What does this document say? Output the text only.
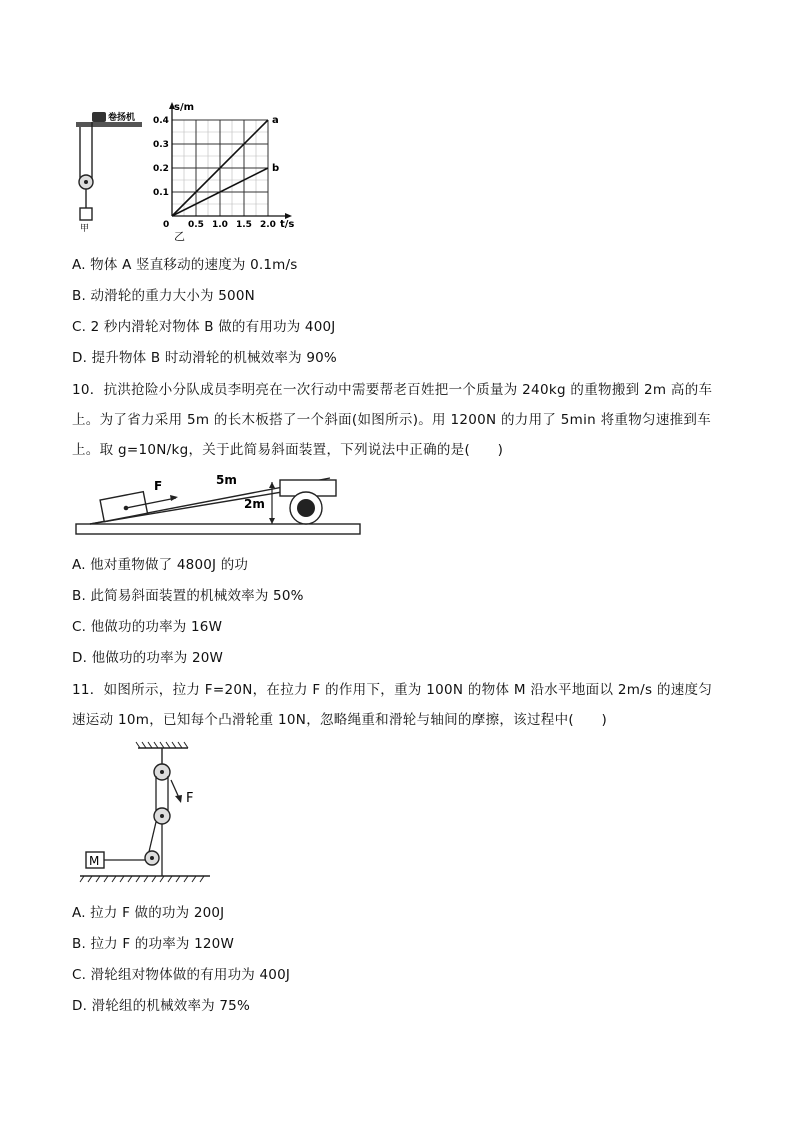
卷扬机
甲
a
b
0.5 1.0 1.5 2.0
0.1
0.2
0.3
0.4
0	t/s
s/m
A. 物体 A 竖直移动的速度为 0.1m/s
B. 动滑轮的重力大小为 500N
C. 2 秒内滑轮对物体 B 做的有用功为 400J
D. 提升物体 B 时动滑轮的机械效率为 90%
10．抗洪抢险小分队成员李明亮在一次行动中需要帮老百姓把一个质量为 240kg 的重物搬到 2m 高的车上。为了省力采用 5m 的长木板搭了一个斜面(如图所示)。用 1200N 的力用了 5min 将重物匀速推到车上。取 g=10N/kg，关于此简易斜面装置，下列说法中正确的是(　　)
F	5m
2m
A. 他对重物做了 4800J 的功
B. 此简易斜面装置的机械效率为 50%
C. 他做功的功率为 16W
D. 他做功的功率为 20W
11．如图所示，拉力 F=20N，在拉力 F 的作用下，重为 100N 的物体 M 沿水平地面以 2m/s 的速度匀速运动 10m，已知每个凸滑轮重 10N，忽略绳重和滑轮与轴间的摩擦，该过程中(　　)
F
M
A. 拉力 F 做的功为 200J
B. 拉力 F 的功率为 120W
C. 滑轮组对物体做的有用功为 400J
D. 滑轮组的机械效率为 75%
乙
